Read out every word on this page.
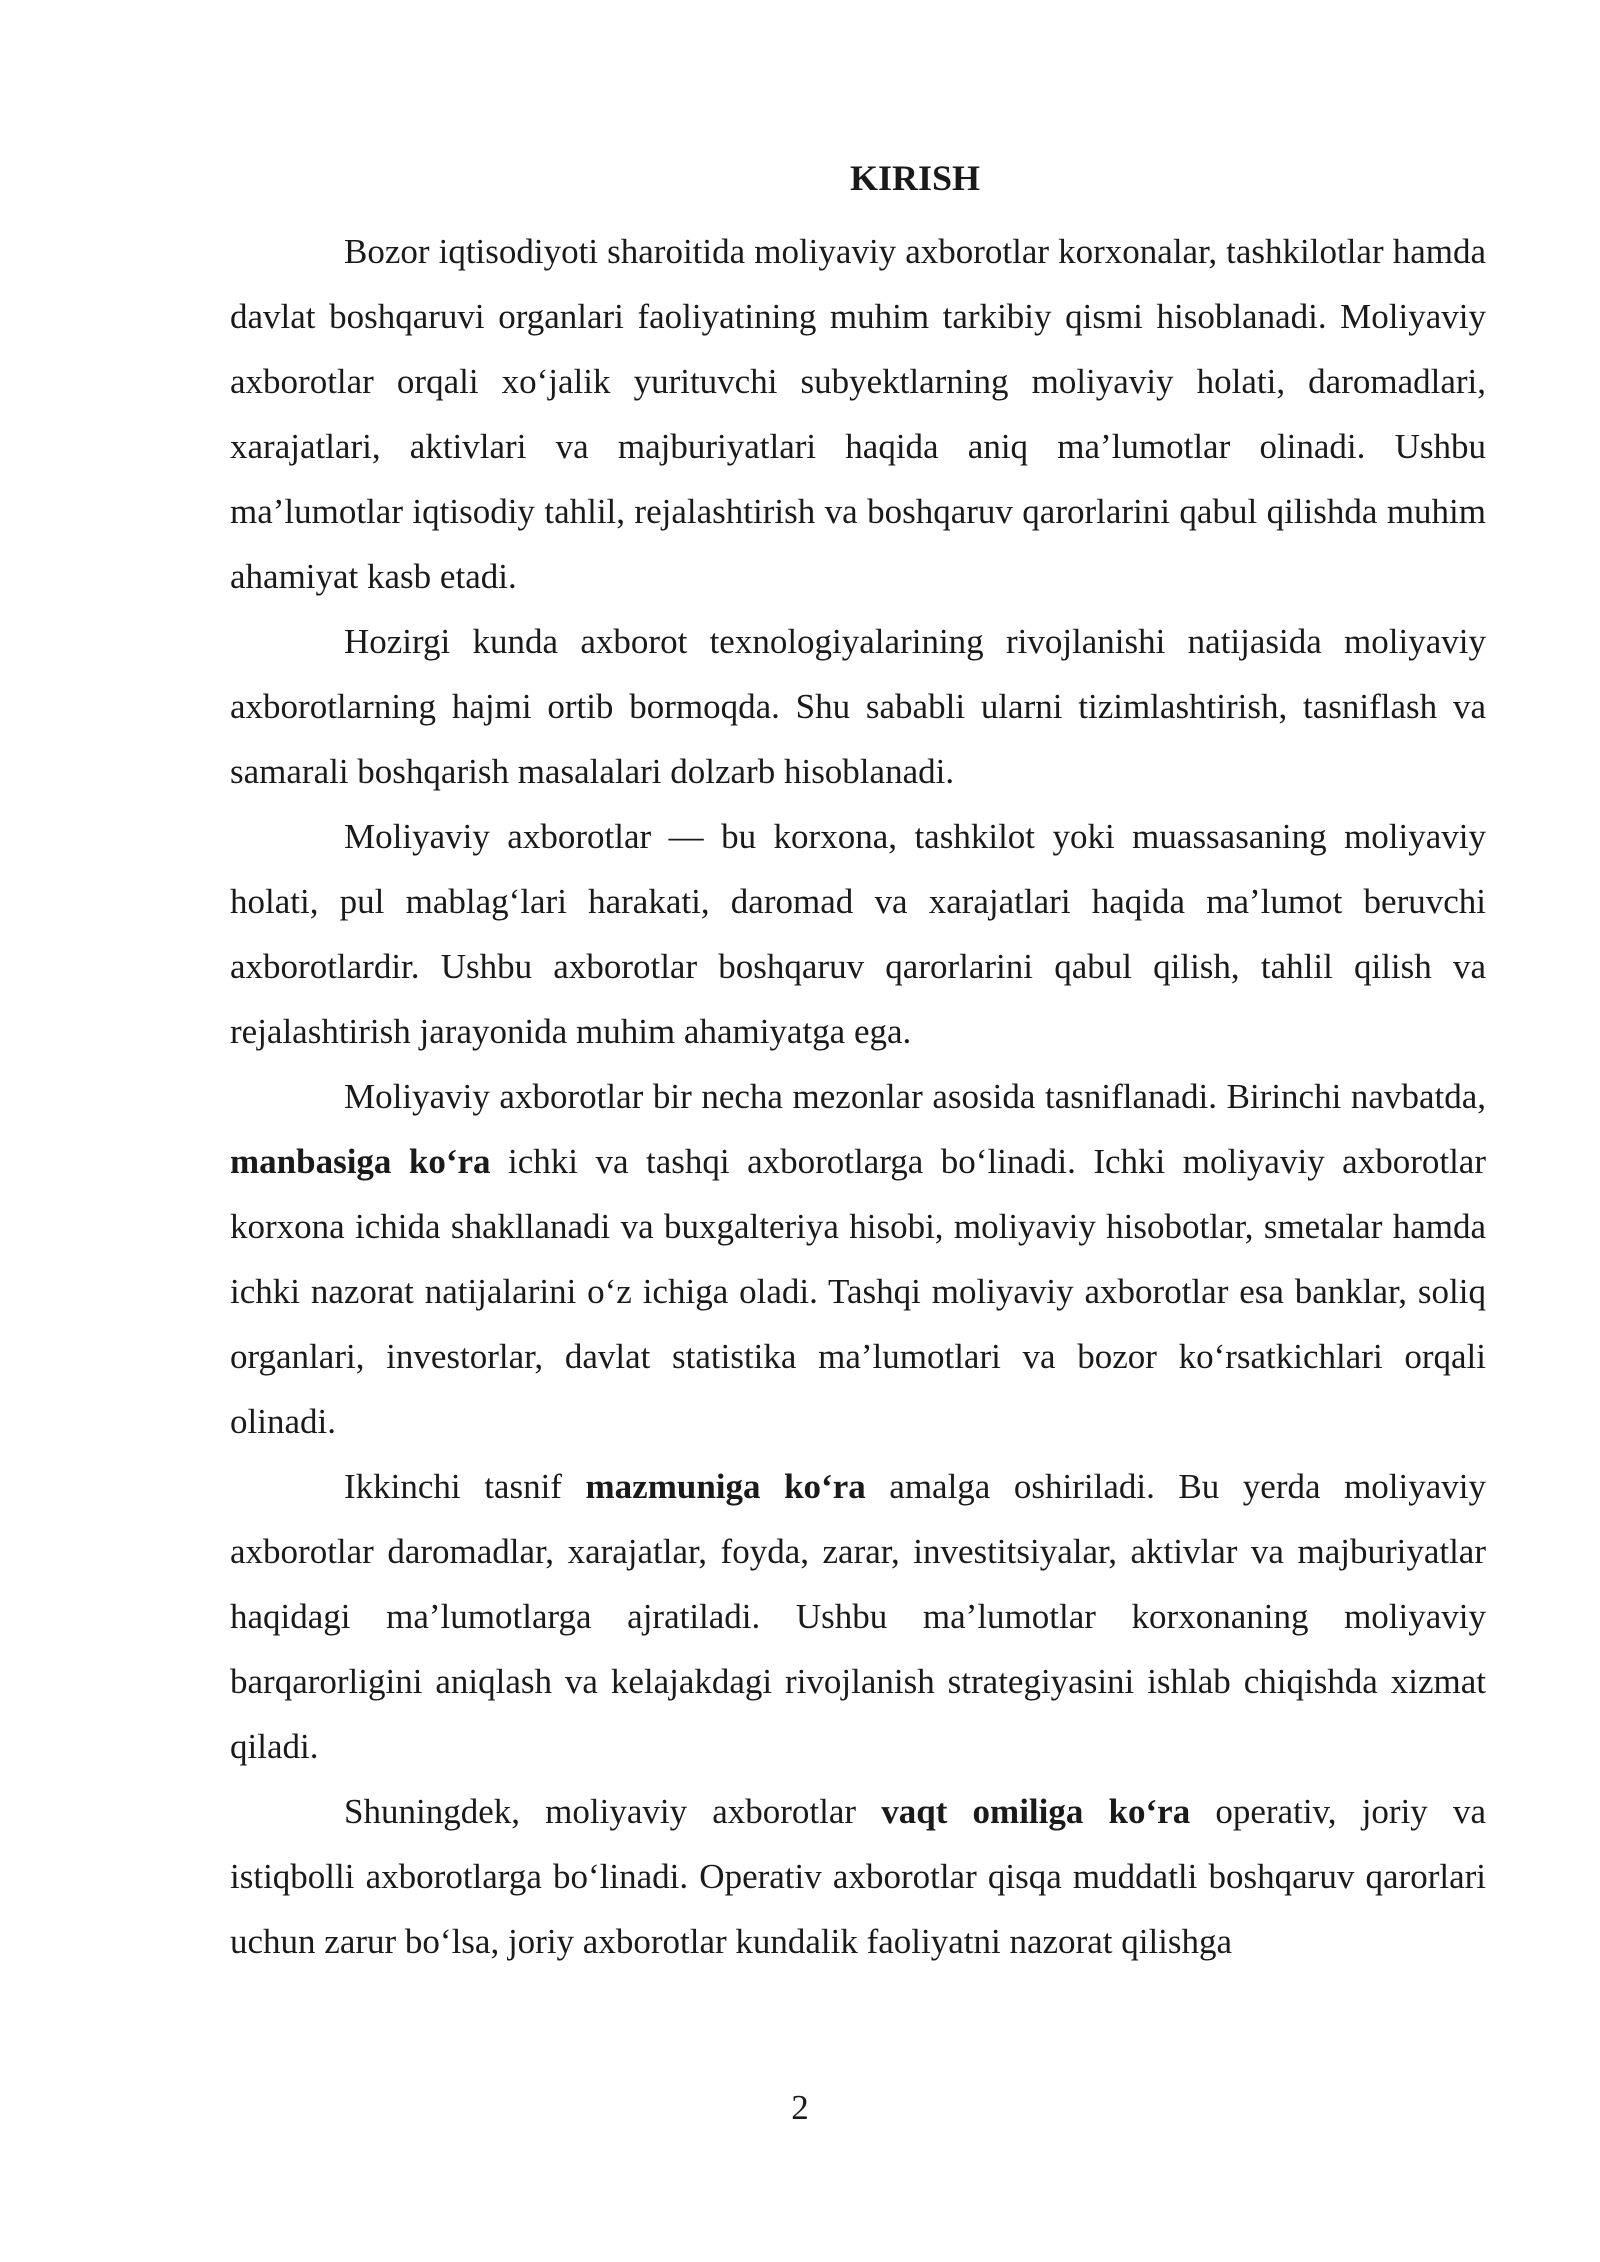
KIRISH

Bozor iqtisodiyoti sharoitida moliyaviy axborotlar korxonalar, tashkilotlar hamda davlat boshqaruvi organlari faoliyatining muhim tarkibiy qismi hisoblanadi. Moliyaviy axborotlar orqali xo‘jalik yurituvchi subyektlarning moliyaviy holati, daromadlari, xarajatlari, aktivlari va majburiyatlari haqida aniq ma’lumotlar olinadi. Ushbu ma’lumotlar iqtisodiy tahlil, rejalashtirish va boshqaruv qarorlarini qabul qilishda muhim ahamiyat kasb etadi.

Hozirgi kunda axborot texnologiyalarining rivojlanishi natijasida moliyaviy axborotlarning hajmi ortib bormoqda. Shu sababli ularni tizimlashtirish, tasniflash va samarali boshqarish masalalari dolzarb hisoblanadi.

Moliyaviy axborotlar — bu korxona, tashkilot yoki muassasaning moliyaviy holati, pul mablag‘lari harakati, daromad va xarajatlari haqida ma’lumot beruvchi axborotlardir. Ushbu axborotlar boshqaruv qarorlarini qabul qilish, tahlil qilish va rejalashtirish jarayonida muhim ahamiyatga ega.

Moliyaviy axborotlar bir necha mezonlar asosida tasniflanadi. Birinchi navbatda, manbasiga ko‘ra ichki va tashqi axborotlarga bo‘linadi. Ichki moliyaviy axborotlar korxona ichida shakllanadi va buxgalteriya hisobi, moliyaviy hisobotlar, smetalar hamda ichki nazorat natijalarini o‘z ichiga oladi. Tashqi moliyaviy axborotlar esa banklar, soliq organlari, investorlar, davlat statistika ma’lumotlari va bozor ko‘rsatkichlari orqali olinadi.

Ikkinchi tasnif mazmuniga ko‘ra amalga oshiriladi. Bu yerda moliyaviy axborotlar daromadlar, xarajatlar, foyda, zarar, investitsiyalar, aktivlar va majburiyatlar haqidagi ma’lumotlarga ajratiladi. Ushbu ma’lumotlar korxonaning moliyaviy barqarorligini aniqlash va kelajakdagi rivojlanish strategiyasini ishlab chiqishda xizmat qiladi.

Shuningdek, moliyaviy axborotlar vaqt omiliga ko‘ra operativ, joriy va istiqbolli axborotlarga bo‘linadi. Operativ axborotlar qisqa muddatli boshqaruv qarorlari uchun zarur bo‘lsa, joriy axborotlar kundalik faoliyatni nazorat qilishga

2
